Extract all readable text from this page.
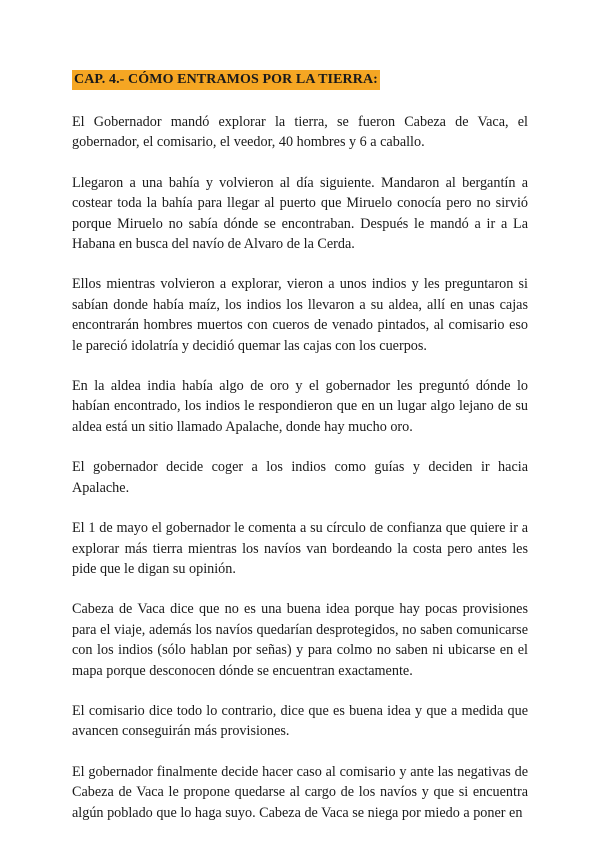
CAP. 4.- CÓMO ENTRAMOS POR LA TIERRA:

El Gobernador mandó explorar la tierra, se fueron Cabeza de Vaca, el gobernador, el comisario, el veedor, 40 hombres y 6 a caballo.

Llegaron a una bahía y volvieron al día siguiente. Mandaron al bergantín a costear toda la bahía para llegar al puerto que Miruelo conocía pero no sirvió porque Miruelo no sabía dónde se encontraban. Después le mandó a ir a La Habana en busca del navío de Alvaro de la Cerda.

Ellos mientras volvieron a explorar, vieron a unos indios y les preguntaron si sabían donde había maíz, los indios los llevaron a su aldea, allí en unas cajas encontrarán hombres muertos con cueros de venado pintados, al comisario eso le pareció idolatría y decidió quemar las cajas con los cuerpos.

En la aldea india había algo de oro y el gobernador les preguntó dónde lo habían encontrado, los indios le respondieron que en un lugar algo lejano de su aldea está un sitio llamado Apalache, donde hay mucho oro.

El gobernador decide coger a los indios como guías y deciden ir hacia Apalache.

El 1 de mayo el gobernador le comenta a su círculo de confianza que quiere ir a explorar más tierra mientras los navíos van bordeando la costa pero antes les pide que le digan su opinión.

Cabeza de Vaca dice que no es una buena idea porque hay pocas provisiones para el viaje, además los navíos quedarían desprotegidos, no saben comunicarse con los indios (sólo hablan por señas) y para colmo no saben ni ubicarse en el mapa porque desconocen dónde se encuentran exactamente.

El comisario dice todo lo contrario, dice que es buena idea y que a medida que avancen conseguirán más provisiones.

El gobernador finalmente decide hacer caso al comisario y ante las negativas de Cabeza de Vaca le propone quedarse al cargo de los navíos y que si encuentra algún poblado que lo haga suyo. Cabeza de Vaca se niega por miedo a poner en
